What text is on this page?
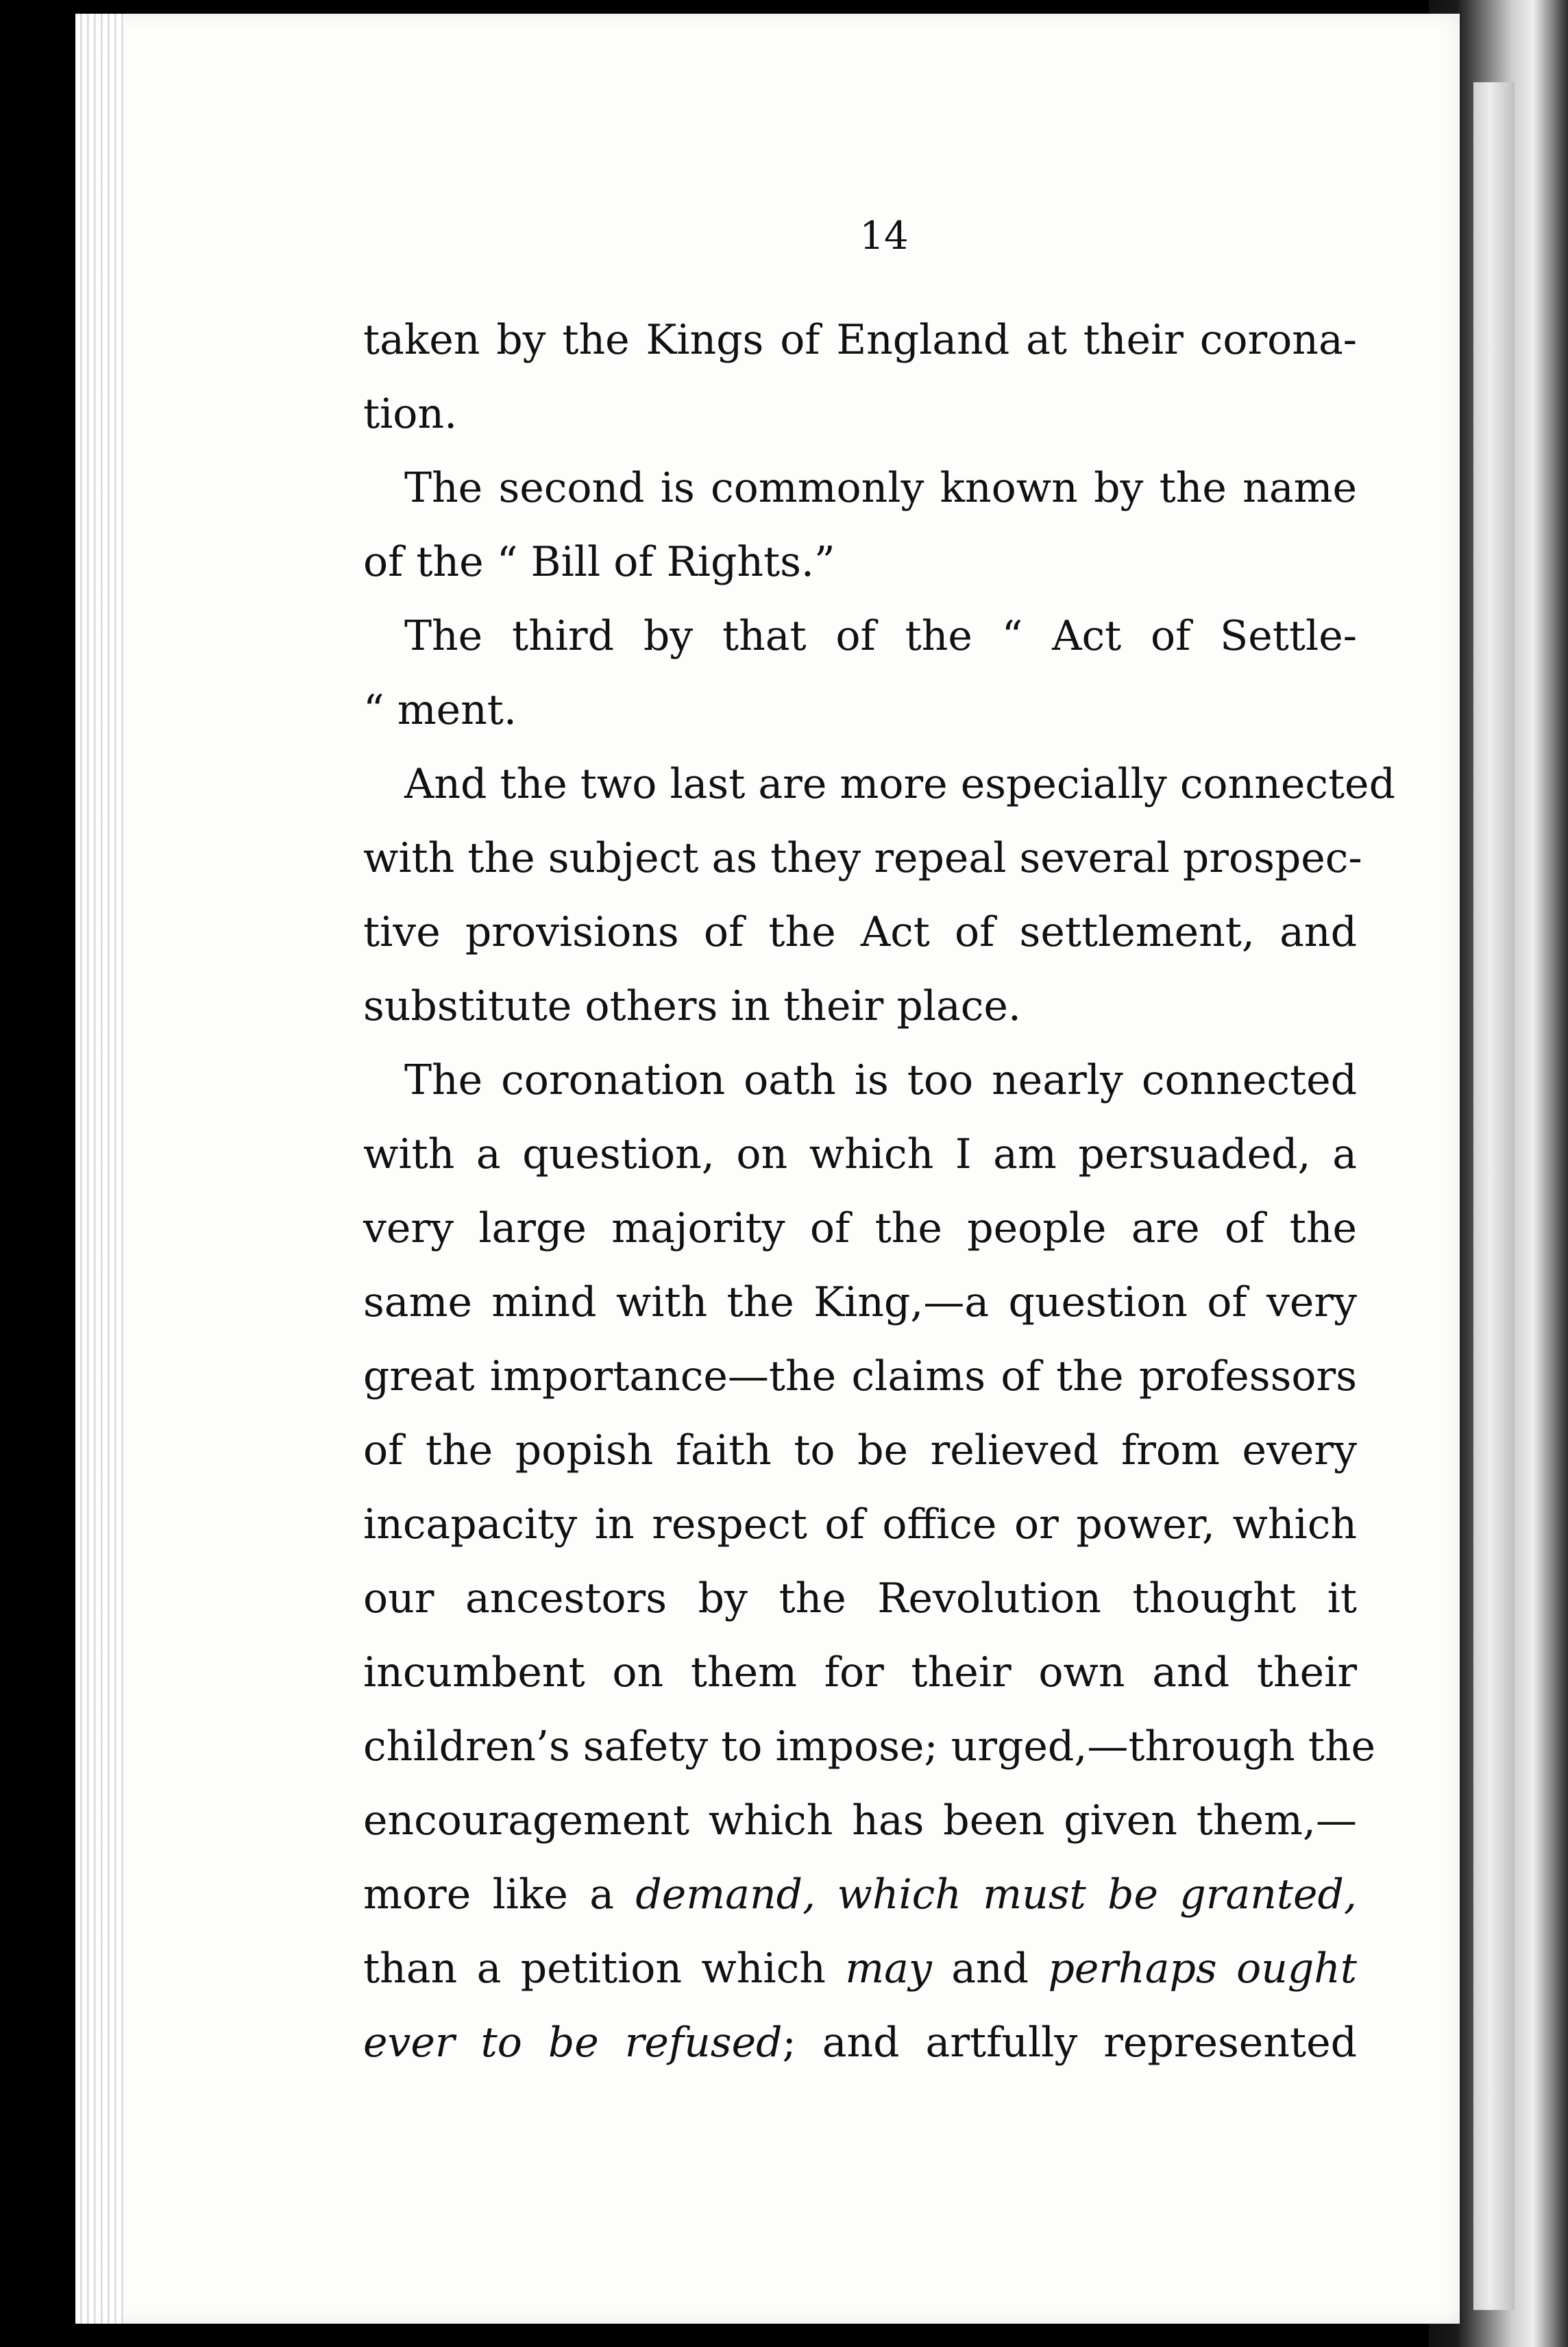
14
taken by the Kings of England at their corona-
tion.
The second is commonly known by the name
of the “ Bill of Rights.”
The third by that of the “ Act of Settle-
“ ment.
And the two last are more especially connected
with the subject as they repeal several prospec-
tive provisions of the Act of settlement, and
substitute others in their place.
The coronation oath is too nearly connected
with a question, on which I am persuaded, a
very large majority of the people are of the
same mind with the King,—a question of very
great importance—the claims of the professors
of the popish faith to be relieved from every
incapacity in respect of office or power, which
our ancestors by the Revolution thought it
incumbent on them for their own and their
children’s safety to impose; urged,—through the
encouragement which has been given them,—
more like a demand, which must be granted,
than a petition which may and perhaps ought
ever to be refused; and artfully represented
